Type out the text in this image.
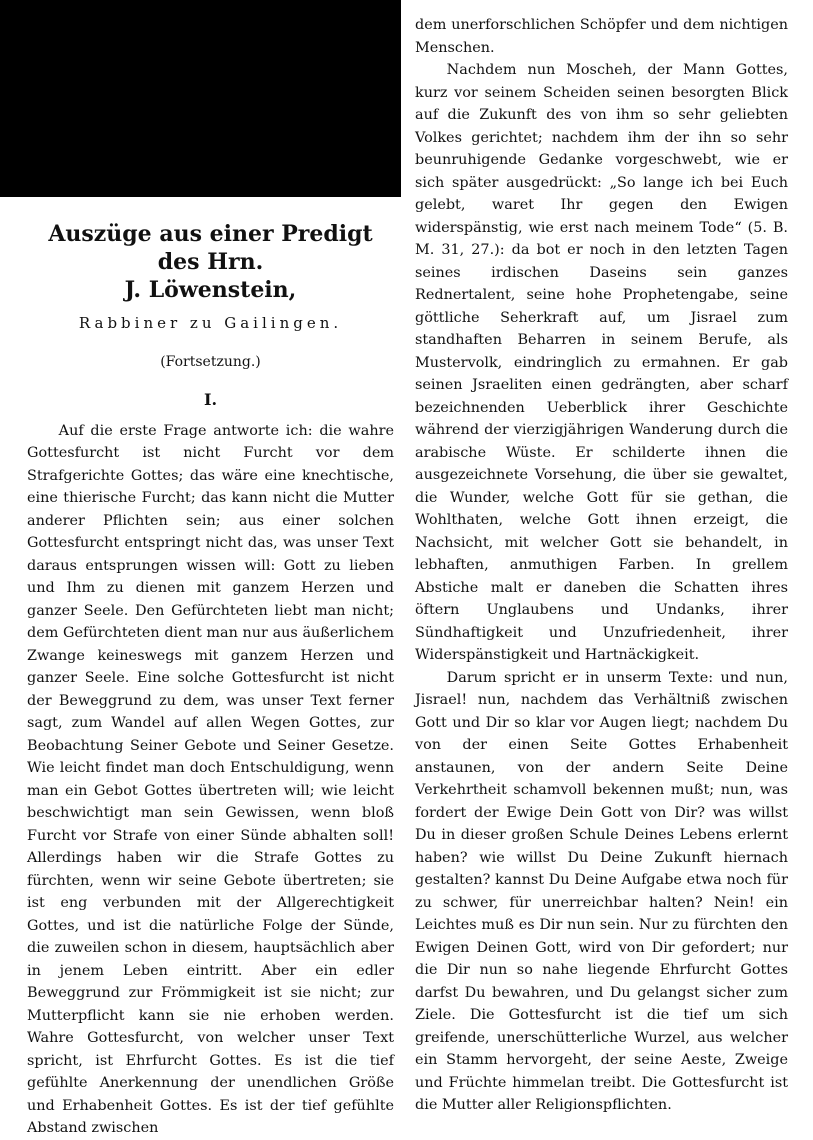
Auszüge aus einer Predigt des Hrn.
J. Löwenstein,
Rabbiner zu Gailingen.
(Fortsetzung.)
I.

Auf die erste Frage antworte ich: die wahre Gottesfurcht ist nicht Furcht vor dem Strafgerichte Gottes; das wäre eine knechtische, eine thierische Furcht; das kann nicht die Mutter anderer Pflichten sein; aus einer solchen Gottesfurcht entspringt nicht das, was unser Text daraus entsprungen wissen will: Gott zu lieben und Ihm zu dienen mit ganzem Herzen und ganzer Seele. Den Gefürchteten liebt man nicht; dem Gefürchteten dient man nur aus äußerlichem Zwange keineswegs mit ganzem Herzen und ganzer Seele. Eine solche Gottesfurcht ist nicht der Beweggrund zu dem, was unser Text ferner sagt, zum Wandel auf allen Wegen Gottes, zur Beobachtung Seiner Gebote und Seiner Gesetze. Wie leicht findet man doch Entschuldigung, wenn man ein Gebot Gottes übertreten will; wie leicht beschwichtigt man sein Gewissen, wenn bloß Furcht vor Strafe von einer Sünde abhalten soll! Allerdings haben wir die Strafe Gottes zu fürchten, wenn wir seine Gebote übertreten; sie ist eng verbunden mit der Allgerechtigkeit Gottes, und ist die natürliche Folge der Sünde, die zuweilen schon in diesem, hauptsächlich aber in jenem Leben eintritt. Aber ein edler Beweggrund zur Frömmigkeit ist sie nicht; zur Mutterpflicht kann sie nie erhoben werden. Wahre Gottesfurcht, von welcher unser Text spricht, ist Ehrfurcht Gottes. Es ist die tief gefühlte Anerkennung der unendlichen Größe und Erhabenheit Gottes. Es ist der tief gefühlte Abstand zwischen

dem unerforschlichen Schöpfer und dem nichtigen Menschen.

Nachdem nun Moscheh, der Mann Gottes, kurz vor seinem Scheiden seinen besorgten Blick auf die Zukunft des von ihm so sehr geliebten Volkes gerichtet; nachdem ihm der ihn so sehr beunruhigende Gedanke vorgeschwebt, wie er sich später ausgedrückt: „So lange ich bei Euch gelebt, waret Ihr gegen den Ewigen widerspänstig, wie erst nach meinem Tode“ (5. B. M. 31, 27.): da bot er noch in den letzten Tagen seines irdischen Daseins sein ganzes Rednertalent, seine hohe Prophetengabe, seine göttliche Seherkraft auf, um Jisrael zum standhaften Beharren in seinem Berufe, als Mustervolk, eindringlich zu ermahnen. Er gab seinen Jsraeliten einen gedrängten, aber scharf bezeichnenden Ueberblick ihrer Geschichte während der vierzigjährigen Wanderung durch die arabische Wüste. Er schilderte ihnen die ausgezeichnete Vorsehung, die über sie gewaltet, die Wunder, welche Gott für sie gethan, die Wohlthaten, welche Gott ihnen erzeigt, die Nachsicht, mit welcher Gott sie behandelt, in lebhaften, anmuthigen Farben. In grellem Abstiche malt er daneben die Schatten ihres öftern Unglaubens und Undanks, ihrer Sündhaftigkeit und Unzufriedenheit, ihrer Widerspänstigkeit und Hartnäckigkeit.

Darum spricht er in unserm Texte: und nun, Jisrael! nun, nachdem das Verhältniß zwischen Gott und Dir so klar vor Augen liegt; nachdem Du von der einen Seite Gottes Erhabenheit anstaunen, von der andern Seite Deine Verkehrtheit schamvoll bekennen mußt; nun, was fordert der Ewige Dein Gott von Dir? was willst Du in dieser großen Schule Deines Lebens erlernt haben? wie willst Du Deine Zukunft hiernach gestalten? kannst Du Deine Aufgabe etwa noch für zu schwer, für unerreichbar halten? Nein! ein Leichtes muß es Dir nun sein. Nur zu fürchten den Ewigen Deinen Gott, wird von Dir gefordert; nur die Dir nun so nahe liegende Ehrfurcht Gottes darfst Du bewahren, und Du gelangst sicher zum Ziele. Die Gottesfurcht ist die tief um sich greifende, unerschütterliche Wurzel, aus welcher ein Stamm hervorgeht, der seine Aeste, Zweige und Früchte himmelan treibt. Die Gottesfurcht ist die Mutter aller Religionspflichten.
